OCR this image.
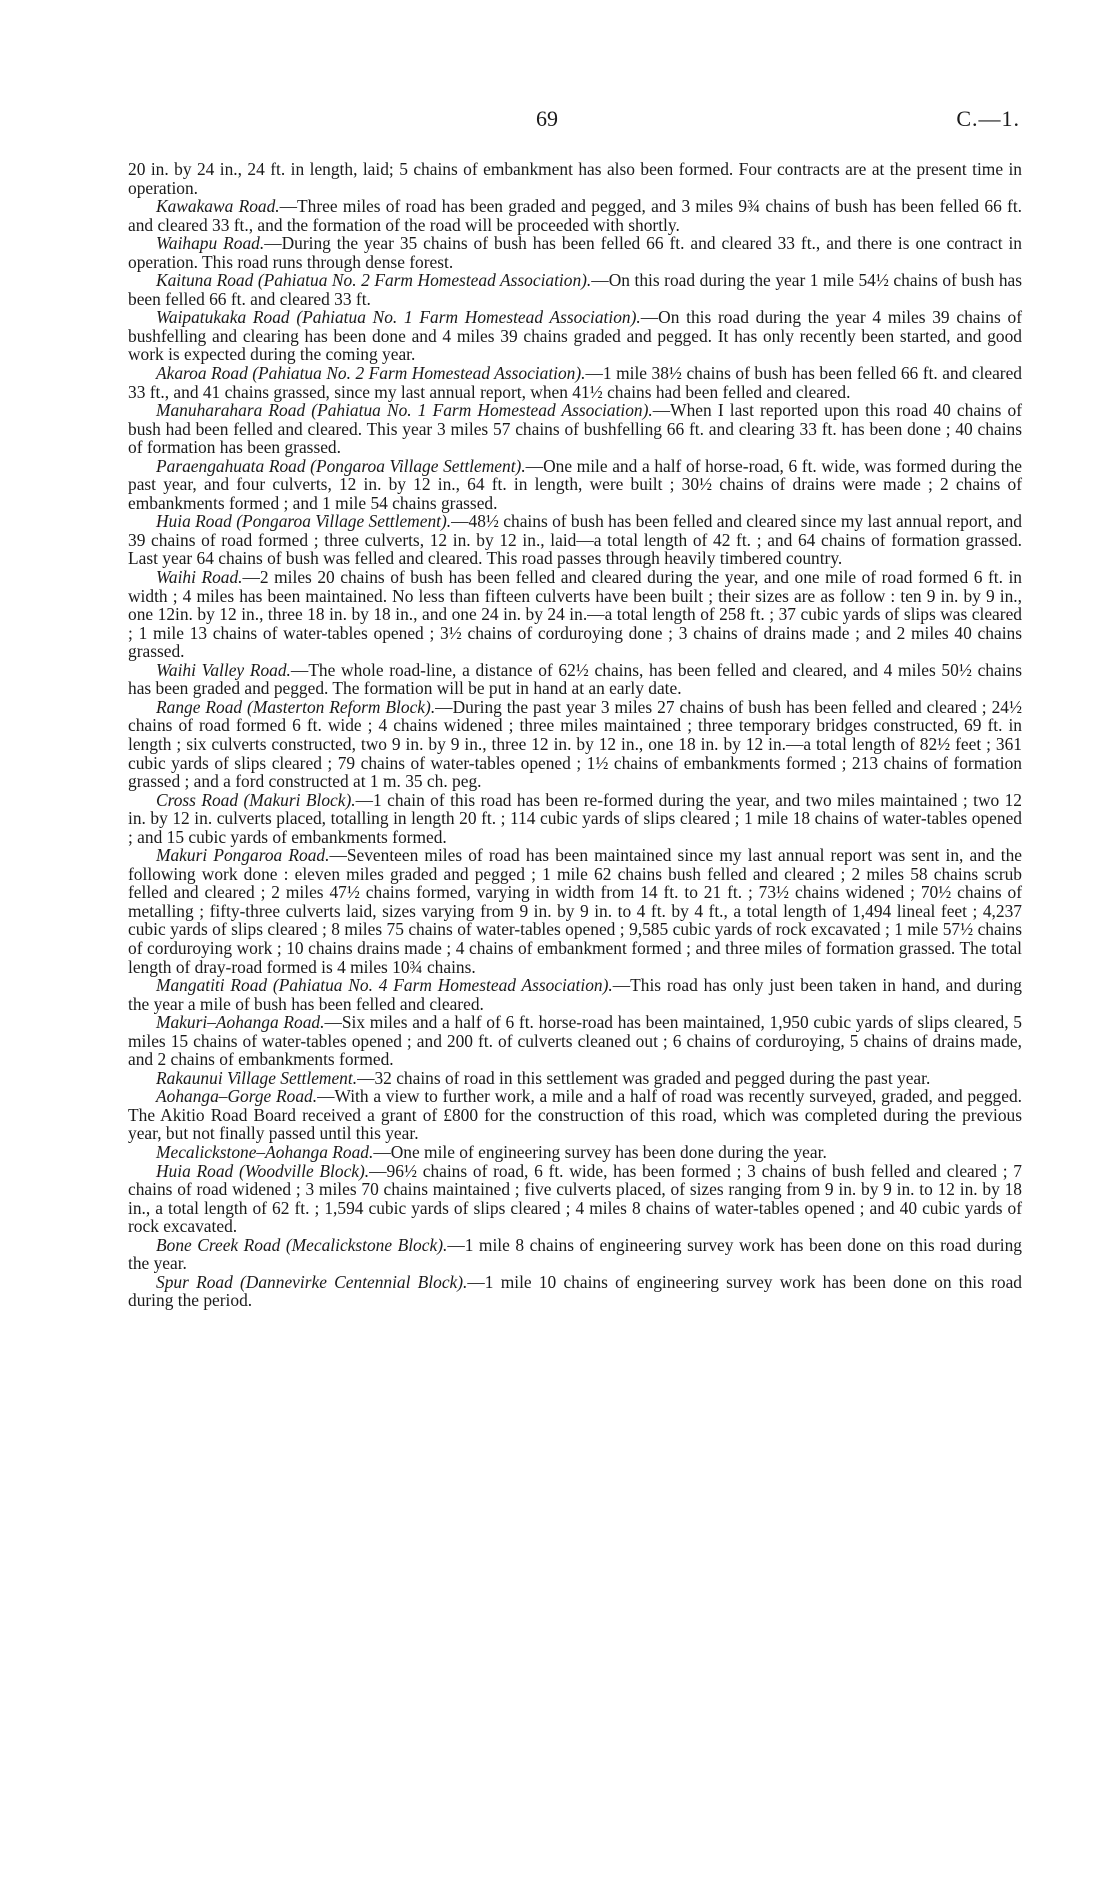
69	C.—1.

20 in. by 24 in., 24 ft. in length, laid; 5 chains of embankment has also been formed. Four contracts are at the present time in operation.

Kawakawa Road.—Three miles of road has been graded and pegged, and 3 miles 9¾ chains of bush has been felled 66 ft. and cleared 33 ft., and the formation of the road will be proceeded with shortly.

Waihapu Road.—During the year 35 chains of bush has been felled 66 ft. and cleared 33 ft., and there is one contract in operation. This road runs through dense forest.

Kaituna Road (Pahiatua No. 2 Farm Homestead Association).—On this road during the year 1 mile 54½ chains of bush has been felled 66 ft. and cleared 33 ft.

Waipatukaka Road (Pahiatua No. 1 Farm Homestead Association).—On this road during the year 4 miles 39 chains of bushfelling and clearing has been done and 4 miles 39 chains graded and pegged. It has only recently been started, and good work is expected during the coming year.

Akaroa Road (Pahiatua No. 2 Farm Homestead Association).—1 mile 38½ chains of bush has been felled 66 ft. and cleared 33 ft., and 41 chains grassed, since my last annual report, when 41½ chains had been felled and cleared.

Manuharahara Road (Pahiatua No. 1 Farm Homestead Association).—When I last reported upon this road 40 chains of bush had been felled and cleared. This year 3 miles 57 chains of bushfelling 66 ft. and clearing 33 ft. has been done ; 40 chains of formation has been grassed.

Paraengahuata Road (Pongaroa Village Settlement).—One mile and a half of horse-road, 6 ft. wide, was formed during the past year, and four culverts, 12 in. by 12 in., 64 ft. in length, were built ; 30½ chains of drains were made ; 2 chains of embankments formed ; and 1 mile 54 chains grassed.

Huia Road (Pongaroa Village Settlement).—48½ chains of bush has been felled and cleared since my last annual report, and 39 chains of road formed ; three culverts, 12 in. by 12 in., laid—a total length of 42 ft. ; and 64 chains of formation grassed. Last year 64 chains of bush was felled and cleared. This road passes through heavily timbered country.

Waihi Road.—2 miles 20 chains of bush has been felled and cleared during the year, and one mile of road formed 6 ft. in width ; 4 miles has been maintained. No less than fifteen culverts have been built ; their sizes are as follow : ten 9 in. by 9 in., one 12in. by 12 in., three 18 in. by 18 in., and one 24 in. by 24 in.—a total length of 258 ft. ; 37 cubic yards of slips was cleared ; 1 mile 13 chains of water-tables opened ; 3½ chains of corduroying done ; 3 chains of drains made ; and 2 miles 40 chains grassed.

Waihi Valley Road.—The whole road-line, a distance of 62½ chains, has been felled and cleared, and 4 miles 50½ chains has been graded and pegged. The formation will be put in hand at an early date.

Range Road (Masterton Reform Block).—During the past year 3 miles 27 chains of bush has been felled and cleared ; 24½ chains of road formed 6 ft. wide ; 4 chains widened ; three miles maintained ; three temporary bridges constructed, 69 ft. in length ; six culverts constructed, two 9 in. by 9 in., three 12 in. by 12 in., one 18 in. by 12 in.—a total length of 82½ feet ; 361 cubic yards of slips cleared ; 79 chains of water-tables opened ; 1½ chains of embankments formed ; 213 chains of formation grassed ; and a ford constructed at 1 m. 35 ch. peg.

Cross Road (Makuri Block).—1 chain of this road has been re-formed during the year, and two miles maintained ; two 12 in. by 12 in. culverts placed, totalling in length 20 ft. ; 114 cubic yards of slips cleared ; 1 mile 18 chains of water-tables opened ; and 15 cubic yards of embankments formed.

Makuri Pongaroa Road.—Seventeen miles of road has been maintained since my last annual report was sent in, and the following work done : eleven miles graded and pegged ; 1 mile 62 chains bush felled and cleared ; 2 miles 58 chains scrub felled and cleared ; 2 miles 47½ chains formed, varying in width from 14 ft. to 21 ft. ; 73½ chains widened ; 70½ chains of metalling ; fifty-three culverts laid, sizes varying from 9 in. by 9 in. to 4 ft. by 4 ft., a total length of 1,494 lineal feet ; 4,237 cubic yards of slips cleared ; 8 miles 75 chains of water-tables opened ; 9,585 cubic yards of rock excavated ; 1 mile 57½ chains of corduroying work ; 10 chains drains made ; 4 chains of embankment formed ; and three miles of formation grassed. The total length of dray-road formed is 4 miles 10¾ chains.

Mangatiti Road (Pahiatua No. 4 Farm Homestead Association).—This road has only just been taken in hand, and during the year a mile of bush has been felled and cleared.

Makuri–Aohanga Road.—Six miles and a half of 6 ft. horse-road has been maintained, 1,950 cubic yards of slips cleared, 5 miles 15 chains of water-tables opened ; and 200 ft. of culverts cleaned out ; 6 chains of corduroying, 5 chains of drains made, and 2 chains of embankments formed.

Rakaunui Village Settlement.—32 chains of road in this settlement was graded and pegged during the past year.

Aohanga–Gorge Road.—With a view to further work, a mile and a half of road was recently surveyed, graded, and pegged. The Akitio Road Board received a grant of £800 for the construction of this road, which was completed during the previous year, but not finally passed until this year.

Mecalickstone–Aohanga Road.—One mile of engineering survey has been done during the year.

Huia Road (Woodville Block).—96½ chains of road, 6 ft. wide, has been formed ; 3 chains of bush felled and cleared ; 7 chains of road widened ; 3 miles 70 chains maintained ; five culverts placed, of sizes ranging from 9 in. by 9 in. to 12 in. by 18 in., a total length of 62 ft. ; 1,594 cubic yards of slips cleared ; 4 miles 8 chains of water-tables opened ; and 40 cubic yards of rock excavated.

Bone Creek Road (Mecalickstone Block).—1 mile 8 chains of engineering survey work has been done on this road during the year.

Spur Road (Dannevirke Centennial Block).—1 mile 10 chains of engineering survey work has been done on this road during the period.
